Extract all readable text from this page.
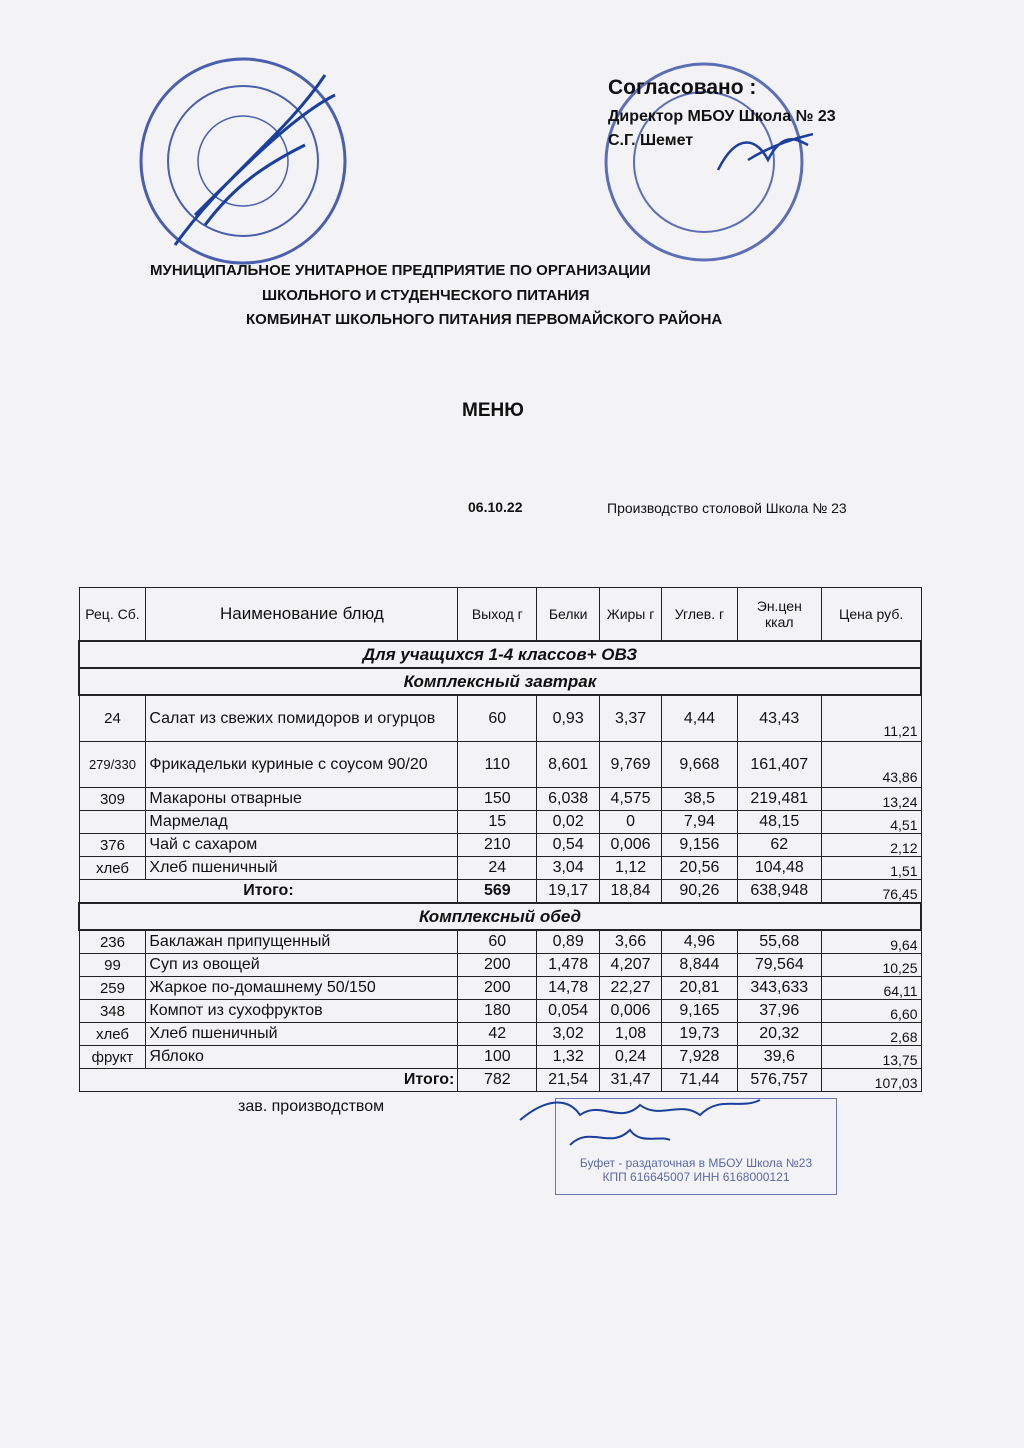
Согласовано :
Директор МБОУ Школа № 23
С.Г. Шемет
МУНИЦИПАЛЬНОЕ УНИТАРНОЕ ПРЕДПРИЯТИЕ ПО ОРГАНИЗАЦИИ
ШКОЛЬНОГО И СТУДЕНЧЕСКОГО ПИТАНИЯ
КОМБИНАТ ШКОЛЬНОГО ПИТАНИЯ ПЕРВОМАЙСКОГО РАЙОНА
МЕНЮ
06.10.22	Производство столовой Школа № 23
Рец. Сб.	Наименование блюд	Выход г	Белки	Жиры г	Углев. г	Эн.цен ккал	Цена руб.
Для учащихся 1-4 классов+ ОВЗ							
Комплексный завтрак							
24	Салат из свежих помидоров и огурцов	60	0,93	3,37	4,44	43,43	11,21
279/330	Фрикадельки куриные с соусом 90/20	110	8,601	9,769	9,668	161,407	43,86
309	Макароны отварные	150	6,038	4,575	38,5	219,481	13,24
	Мармелад	15	0,02	0	7,94	48,15	4,51
376	Чай с сахаром	210	0,54	0,006	9,156	62	2,12
хлеб	Хлеб пшеничный	24	3,04	1,12	20,56	104,48	1,51
Итого:		569	19,17	18,84	90,26	638,948	76,45
Комплексный обед							
236	Баклажан припущенный	60	0,89	3,66	4,96	55,68	9,64
99	Суп из овощей	200	1,478	4,207	8,844	79,564	10,25
259	Жаркое по-домашнему 50/150	200	14,78	22,27	20,81	343,633	64,11
348	Компот из сухофруктов	180	0,054	0,006	9,165	37,96	6,60
хлеб	Хлеб пшеничный	42	3,02	1,08	19,73	20,32	2,68
фрукт	Яблоко	100	1,32	0,24	7,928	39,6	13,75
Итого:		782	21,54	31,47	71,44	576,757	107,03
зав. производством
Буфет - раздаточная в МБОУ Школа №23
КПП 616645007 ИНН 6168000121
